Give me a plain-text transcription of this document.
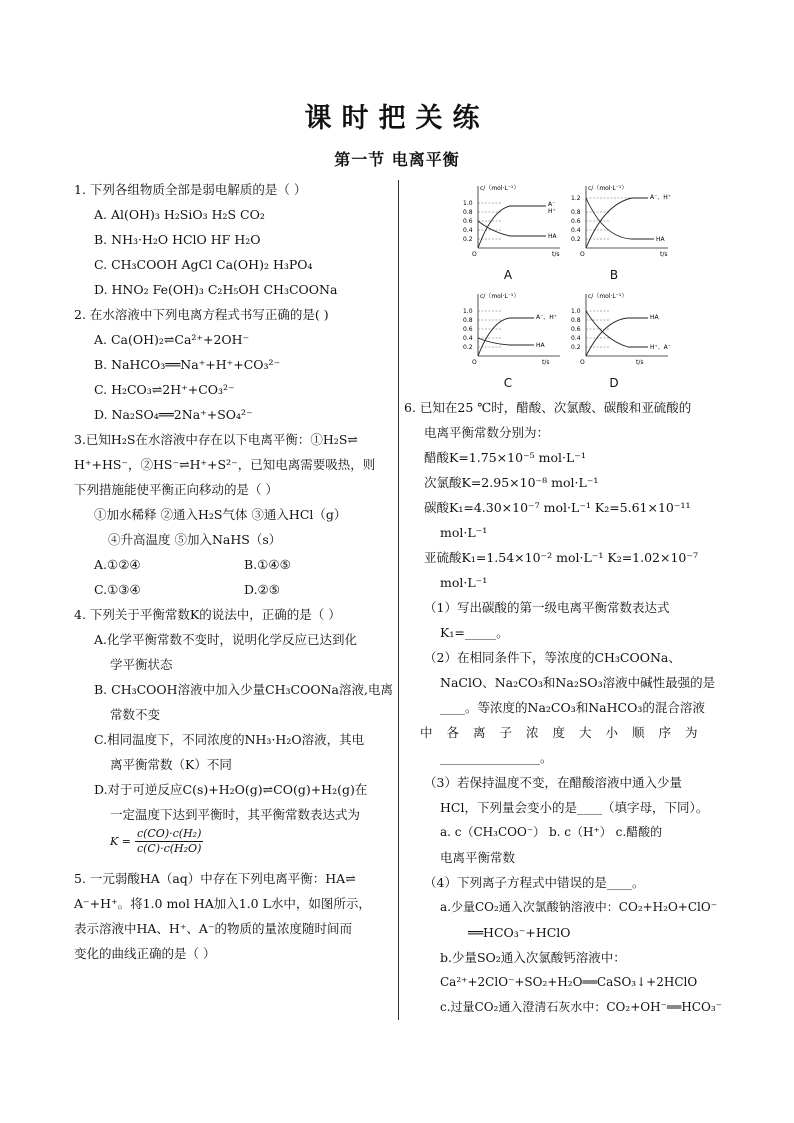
课时把关练
第一节 电离平衡
1. 下列各组物质全部是弱电解质的是（ ）
A. Al(OH)₃ H₂SiO₃ H₂S CO₂
B. NH₃·H₂O HClO HF H₂O
C. CH₃COOH AgCl Ca(OH)₂ H₃PO₄
D. HNO₂ Fe(OH)₃ C₂H₅OH CH₃COONa
2. 在水溶液中下列电离方程式书写正确的是( )
A. Ca(OH)₂⇌Ca²⁺+2OH⁻
B. NaHCO₃══Na⁺+H⁺+CO₃²⁻
C. H₂CO₃⇌2H⁺+CO₃²⁻
D. Na₂SO₄══2Na⁺+SO₄²⁻
3.已知H₂S在水溶液中存在以下电离平衡：①H₂S⇌
H⁺+HS⁻，②HS⁻⇌H⁺+S²⁻，已知电离需要吸热，则
下列措施能使平衡正向移动的是（ ）
①加水稀释 ②通入H₂S气体 ③通入HCl（g）
④升高温度 ⑤加入NaHS（s）
A.①②④	B.①④⑤
C.①③④	D.②⑤
4. 下列关于平衡常数K的说法中，正确的是（ ）
A.化学平衡常数不变时，说明化学反应已达到化
学平衡状态
B. CH₃COOH溶液中加入少量CH₃COONa溶液,电离
常数不变
C.相同温度下，不同浓度的NH₃·H₂O溶液，其电
离平衡常数（K）不同
D.对于可逆反应C(s)+H₂O(g)⇌CO(g)+H₂(g)在
一定温度下达到平衡时，其平衡常数表达式为
$K = \frac{\text{c(CO)·c(H₂)}}{\text{c(C)·c(H₂O)}}$
5. 一元弱酸HA（aq）中存在下列电离平衡：HA⇌
A⁻+H⁺。将1.0 mol HA加入1.0 L水中，如图所示，
表示溶液中HA、H⁺、A⁻的物质的量浓度随时间而
变化的曲线正确的是（ ）
c/（mol·L⁻¹）
t/s
O
1.0
0.8
0.6
0.4
0.2
A⁻
H⁺
HA
A
c/（mol·L⁻¹）
t/s
O
1.2
0.8
0.6
0.4
0.2
A⁻、H⁺
HA
B
c/（mol·L⁻¹）
t/s
O
1.0
0.8
0.6
0.4
0.2
A⁻、H⁺
HA
C
c/（mol·L⁻¹）
t/s
O
1.0
0.8
0.6
0.4
0.2
HA
H⁺、A⁻
D
6. 已知在25 ℃时，醋酸、次氯酸、碳酸和亚硫酸的
电离平衡常数分别为：
醋酸K=1.75×10⁻⁵ mol·L⁻¹
次氯酸K=2.95×10⁻⁸ mol·L⁻¹
碳酸K₁=4.30×10⁻⁷ mol·L⁻¹ K₂=5.61×10⁻¹¹
mol·L⁻¹
亚硫酸K₁=1.54×10⁻² mol·L⁻¹ K₂=1.02×10⁻⁷
mol·L⁻¹
（1）写出碳酸的第一级电离平衡常数表达式
K₁=_____。
（2）在相同条件下，等浓度的CH₃COONa、
NaClO、Na₂CO₃和Na₂SO₃溶液中碱性最强的是
____。等浓度的Na₂CO₃和NaHCO₃的混合溶液
中各离子浓度大小顺序为
________________。
（3）若保持温度不变，在醋酸溶液中通入少量
HCl，下列量会变小的是____（填字母，下同）。
a. c（CH₃COO⁻） b. c（H⁺） c.醋酸的
电离平衡常数
（4）下列离子方程式中错误的是____。
a.少量CO₂通入次氯酸钠溶液中：CO₂+H₂O+ClO⁻
══HCO₃⁻+HClO
b.少量SO₂通入次氯酸钙溶液中：
Ca²⁺+2ClO⁻+SO₂+H₂O══CaSO₃↓+2HClO
c.过量CO₂通入澄清石灰水中：CO₂+OH⁻══HCO₃⁻
